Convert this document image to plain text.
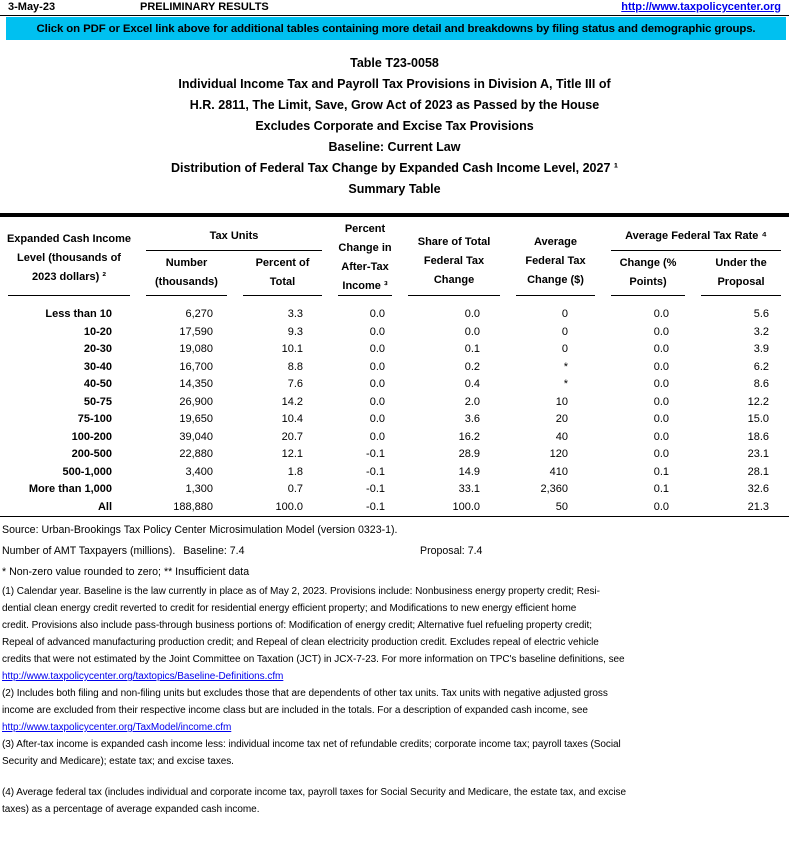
3-May-23	PRELIMINARY RESULTS	http://www.taxpolicycenter.org
Click on PDF or Excel link above for additional tables containing more detail and breakdowns by filing status and demographic groups.
Table T23-0058
Individual Income Tax and Payroll Tax Provisions in Division A, Title III of
H.R. 2811, The Limit, Save, Grow Act of 2023 as Passed by the House
Excludes Corporate and Excise Tax Provisions
Baseline: Current Law
Distribution of Federal Tax Change by Expanded Cash Income Level, 2027 ¹
Summary Table
Expanded Cash Income Level (thousands of 2023 dollars) ²	Tax Units		Percent Change in After-Tax Income ³	Share of Total Federal Tax Change	Average Federal Tax Change ($)	Average Federal Tax Rate ⁴	

	Number (thousands)	Percent of Total				Change (% Points)	Under the Proposal

Less than 10	6,270	3.3	0.0	0.0	0	0.0	5.6
10-20	17,590	9.3	0.0	0.0	0	0.0	3.2
20-30	19,080	10.1	0.0	0.1	0	0.0	3.9
30-40	16,700	8.8	0.0	0.2	*	0.0	6.2
40-50	14,350	7.6	0.0	0.4	*	0.0	8.6
50-75	26,900	14.2	0.0	2.0	10	0.0	12.2
75-100	19,650	10.4	0.0	3.6	20	0.0	15.0
100-200	39,040	20.7	0.0	16.2	40	0.0	18.6
200-500	22,880	12.1	-0.1	28.9	120	0.0	23.1
500-1,000	3,400	1.8	-0.1	14.9	410	0.1	28.1
More than 1,000	1,300	0.7	-0.1	33.1	2,360	0.1	32.6
All	188,880	100.0	-0.1	100.0	50	0.0	21.3
Source: Urban-Brookings Tax Policy Center Microsimulation Model (version 0323-1).
Number of AMT Taxpayers (millions). Baseline: 7.4	Proposal: 7.4
* Non-zero value rounded to zero; ** Insufficient data
(1) Calendar year. Baseline is the law currently in place as of May 2, 2023. Provisions include: Nonbusiness energy property credit; Resi-
dential clean energy credit reverted to credit for residential energy efficient property; and Modifications to new energy efficient home
credit. Provisions also include pass-through business portions of: Modification of energy credit; Alternative fuel refueling property credit;
Repeal of advanced manufacturing production credit; and Repeal of clean electricity production credit. Excludes repeal of electric vehicle
credits that were not estimated by the Joint Committee on Taxation (JCT) in JCX-7-23. For more information on TPC's baseline definitions, see
http://www.taxpolicycenter.org/taxtopics/Baseline-Definitions.cfm
(2) Includes both filing and non-filing units but excludes those that are dependents of other tax units. Tax units with negative adjusted gross
income are excluded from their respective income class but are included in the totals. For a description of expanded cash income, see
http://www.taxpolicycenter.org/TaxModel/income.cfm
(3) After-tax income is expanded cash income less: individual income tax net of refundable credits; corporate income tax; payroll taxes (Social
Security and Medicare); estate tax; and excise taxes.
(4) Average federal tax (includes individual and corporate income tax, payroll taxes for Social Security and Medicare, the estate tax, and excise
taxes) as a percentage of average expanded cash income.
